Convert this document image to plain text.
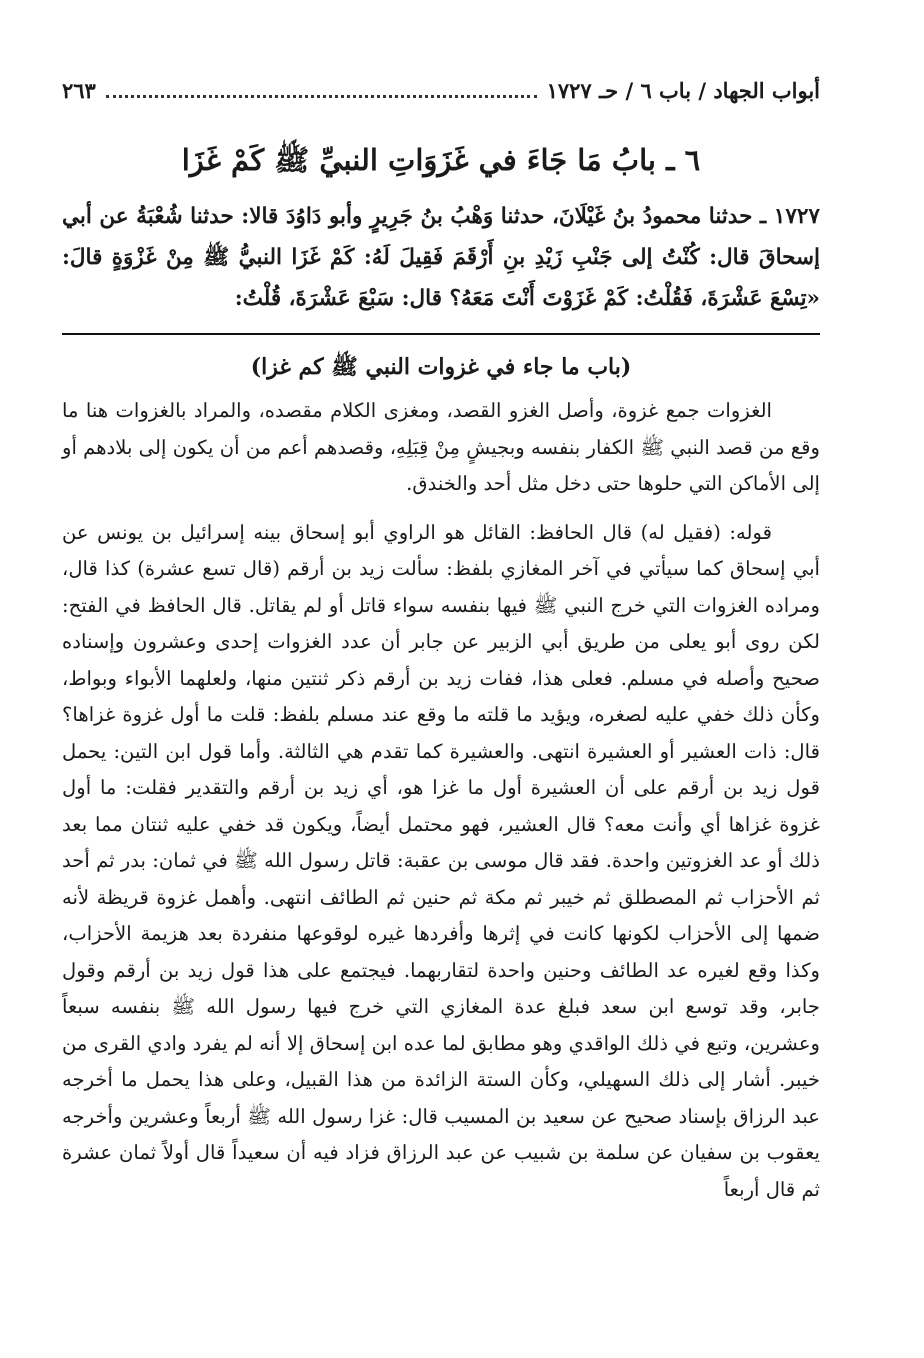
أبواب الجهاد / باب ٦ / حـ ١٧٢٧
٢٦٣
٦ ـ بابُ مَا جَاءَ في غَزَوَاتِ النبيِّ ﷺ كَمْ غَزَا
١٧٢٧ ـ حدثنا محمودُ بنُ غَيْلَانَ، حدثنا وَهْبُ بنُ جَرِيرٍ وأبو دَاوُدَ قالا: حدثنا شُعْبَةُ عن أبي إسحاقَ قال: كُنْتُ إلى جَنْبِ زَيْدِ بنِ أَرْقَمَ فَقِيلَ لَهُ: كَمْ غَزَا النبيُّ ﷺ مِنْ غَزْوَةٍ قالَ: «تِسْعَ عَشْرَةَ، فَقُلْتُ: كَمْ غَزَوْتَ أَنْتَ مَعَهُ؟ قال: سَبْعَ عَشْرَةَ، قُلْتُ:
(باب ما جاء في غزوات النبي ﷺ كم غزا)

الغزوات جمع غزوة، وأصل الغزو القصد، ومغزى الكلام مقصده، والمراد بالغزوات هنا ما وقع من قصد النبي ﷺ الكفار بنفسه وبجيشٍ مِنْ قِبَلِهِ، وقصدهم أعم من أن يكون إلى بلادهم أو إلى الأماكن التي حلوها حتى دخل مثل أحد والخندق.

قوله: (فقيل له) قال الحافظ: القائل هو الراوي أبو إسحاق بينه إسرائيل بن يونس عن أبي إسحاق كما سيأتي في آخر المغازي بلفظ: سألت زيد بن أرقم (قال تسع عشرة) كذا قال، ومراده الغزوات التي خرج النبي ﷺ فيها بنفسه سواء قاتل أو لم يقاتل. قال الحافظ في الفتح: لكن روى أبو يعلى من طريق أبي الزبير عن جابر أن عدد الغزوات إحدى وعشرون وإسناده صحيح وأصله في مسلم. فعلى هذا، ففات زيد بن أرقم ذكر ثنتين منها، ولعلهما الأبواء وبواط، وكأن ذلك خفي عليه لصغره، ويؤيد ما قلته ما وقع عند مسلم بلفظ: قلت ما أول غزوة غزاها؟ قال: ذات العشير أو العشيرة انتهى. والعشيرة كما تقدم هي الثالثة. وأما قول ابن التين: يحمل قول زيد بن أرقم على أن العشيرة أول ما غزا هو، أي زيد بن أرقم والتقدير فقلت: ما أول غزوة غزاها أي وأنت معه؟ قال العشير، فهو محتمل أيضاً، ويكون قد خفي عليه ثنتان مما بعد ذلك أو عد الغزوتين واحدة. فقد قال موسى بن عقبة: قاتل رسول الله ﷺ في ثمان: بدر ثم أحد ثم الأحزاب ثم المصطلق ثم خيبر ثم مكة ثم حنين ثم الطائف انتهى. وأهمل غزوة قريظة لأنه ضمها إلى الأحزاب لكونها كانت في إثرها وأفردها غيره لوقوعها منفردة بعد هزيمة الأحزاب، وكذا وقع لغيره عد الطائف وحنين واحدة لتقاربهما. فيجتمع على هذا قول زيد بن أرقم وقول جابر، وقد توسع ابن سعد فبلغ عدة المغازي التي خرج فيها رسول الله ﷺ بنفسه سبعاً وعشرين، وتبع في ذلك الواقدي وهو مطابق لما عده ابن إسحاق إلا أنه لم يفرد وادي القرى من خيبر. أشار إلى ذلك السهيلي، وكأن الستة الزائدة من هذا القبيل، وعلى هذا يحمل ما أخرجه عبد الرزاق بإسناد صحيح عن سعيد بن المسيب قال: غزا رسول الله ﷺ أربعاً وعشرين وأخرجه يعقوب بن سفيان عن سلمة بن شبيب عن عبد الرزاق فزاد فيه أن سعيداً قال أولاً ثمان عشرة ثم قال أربعاً
